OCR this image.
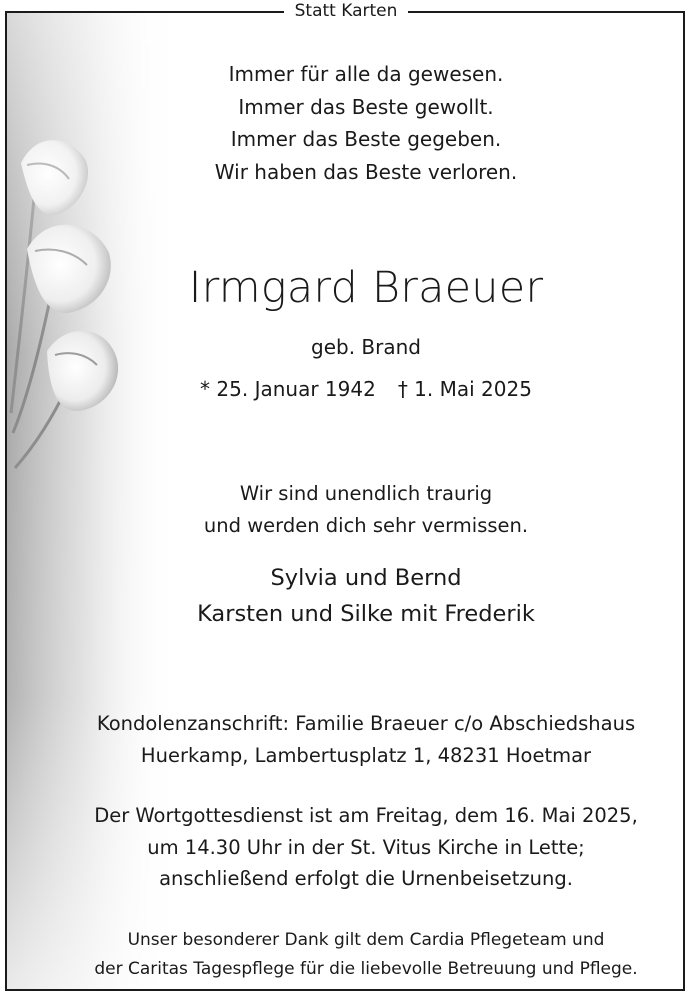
Statt Karten
Immer für alle da gewesen.
Immer das Beste gewollt.
Immer das Beste gegeben.
Wir haben das Beste verloren.
Irmgard Braeuer
geb. Brand
* 25. Januar 1942 † 1. Mai 2025
Wir sind unendlich traurig
und werden dich sehr vermissen.
Sylvia und Bernd
Karsten und Silke mit Frederik
Kondolenzanschrift: Familie Braeuer c/o Abschiedshaus
Huerkamp, Lambertusplatz 1, 48231 Hoetmar
Der Wortgottesdienst ist am Freitag, dem 16. Mai 2025,
um 14.30 Uhr in der St. Vitus Kirche in Lette;
anschließend erfolgt die Urnenbeisetzung.
Unser besonderer Dank gilt dem Cardia Pflegeteam und
der Caritas Tagespflege für die liebevolle Betreuung und Pflege.
